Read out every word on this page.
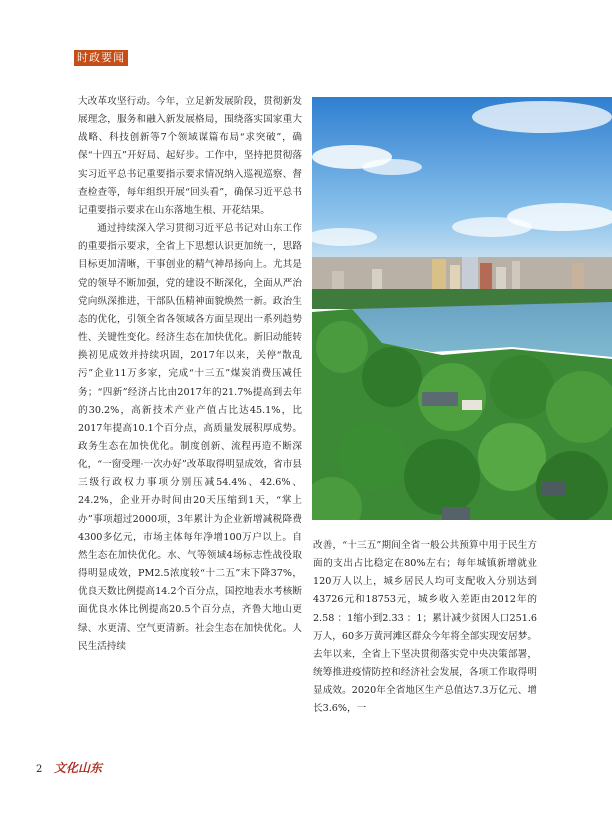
时政要闻

大改革攻坚行动。今年，立足新发展阶段，贯彻新发展理念，服务和融入新发展格局，围绕落实国家重大战略、科技创新等7个领域谋篇布局“求突破”，确保“十四五”开好局、起好步。工作中，坚持把贯彻落实习近平总书记重要指示要求情况纳入巡视巡察、督查检查等，每年组织开展“回头看”，确保习近平总书记重要指示要求在山东落地生根、开花结果。

通过持续深入学习贯彻习近平总书记对山东工作的重要指示要求，全省上下思想认识更加统一，思路目标更加清晰，干事创业的精气神昂扬向上。尤其是党的领导不断加强，党的建设不断深化，全面从严治党向纵深推进，干部队伍精神面貌焕然一新。政治生态的优化，引领全省各领域各方面呈现出一系列趋势性、关键性变化。经济生态在加快优化。新旧动能转换初见成效并持续巩固，2017年以来，关停“散乱污”企业11万多家，完成“十三五”煤炭消费压减任务；“四新”经济占比由2017年的21.7%提高到去年的30.2%，高新技术产业产值占比达45.1%，比2017年提高10.1个百分点，高质量发展积厚成势。政务生态在加快优化。制度创新、流程再造不断深化，“一窗受理·一次办好”改革取得明显成效，省市县三级行政权力事项分别压减54.4%、42.6%、24.2%，企业开办时间由20天压缩到1天，“掌上办”事项超过2000项，3年累计为企业新增减税降费4300多亿元，市场主体每年净增100万户以上。自然生态在加快优化。水、气等领域4场标志性战役取得明显成效，PM2.5浓度较“十二五”末下降37%，优良天数比例提高14.2个百分点，国控地表水考核断面优良水体比例提高20.5个百分点，齐鲁大地山更绿、水更清、空气更清新。社会生态在加快优化。人民生活持续

改善，“十三五”期间全省一般公共预算中用于民生方面的支出占比稳定在80%左右；每年城镇新增就业120万人以上，城乡居民人均可支配收入分别达到43726元和18753元，城乡收入差距由2012年的2.58 ：1缩小到2.33 ：1；累计减少贫困人口251.6万人，60多万黄河滩区群众今年将全部实现安居梦。去年以来，全省上下坚决贯彻落实党中央决策部署，统筹推进疫情防控和经济社会发展，各项工作取得明显成效。2020年全省地区生产总值达7.3万亿元、增长3.6%，一

2 文化山东
